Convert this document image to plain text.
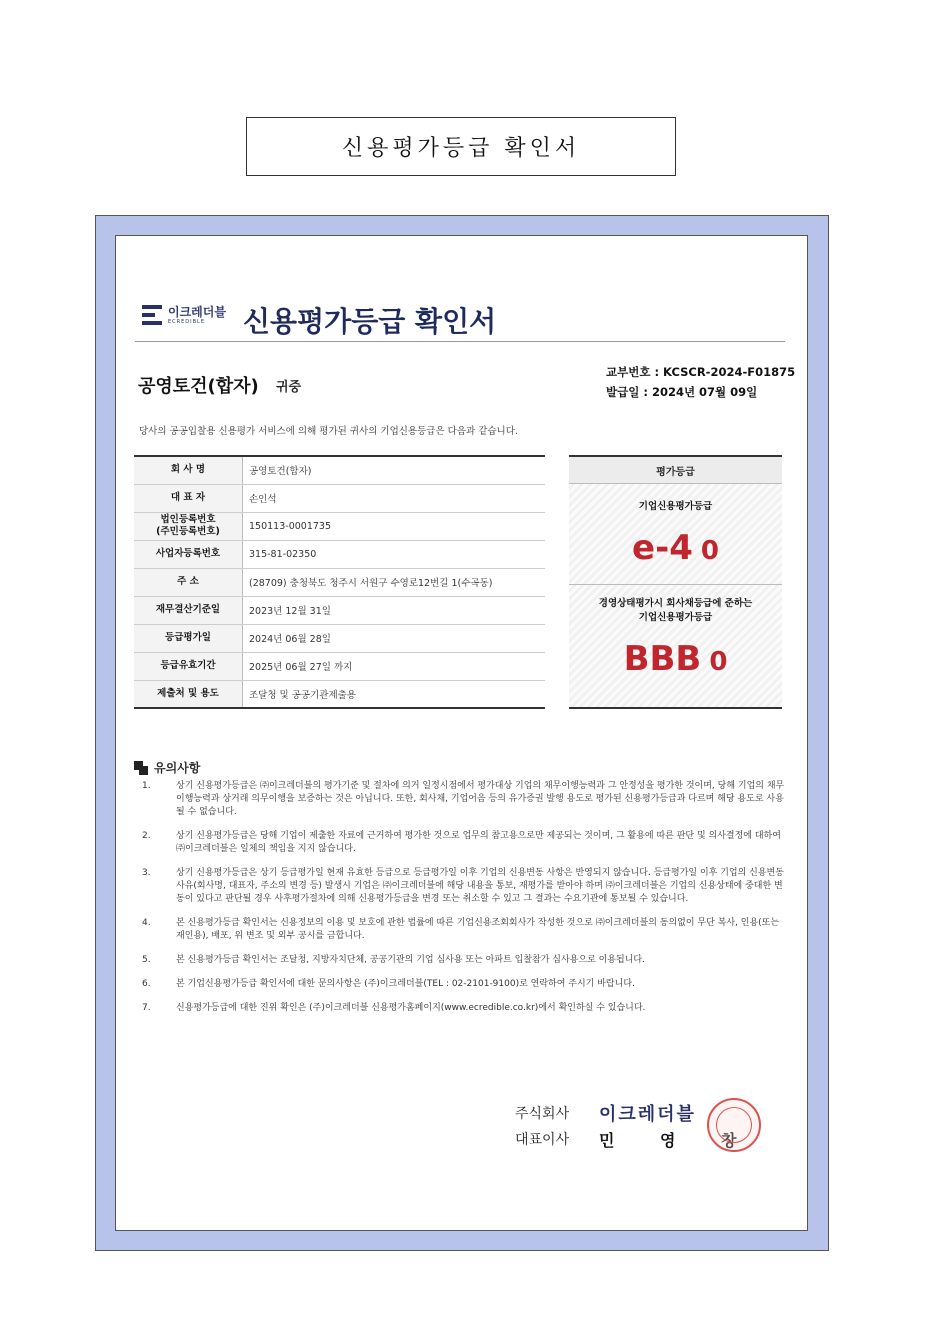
신용평가등급 확인서
이크레더블
ECREDIBLE	신용평가등급 확인서
공영토건(합자) 귀중
교부번호 : KCSCR-2024-F01875
발급일 : 2024년 07월 09일
당사의 공공입찰용 신용평가 서비스에 의해 평가된 귀사의 기업신용등급은 다음과 같습니다.
회 사 명	공영토건(합자)
대 표 자	손인석
법인등록번호
(주민등록번호)	150113-0001735
사업자등록번호	315-81-02350
주 소	(28709) 충청북도 청주시 서원구 수영로12번길 1(수곡동)
재무결산기준일	2023년 12월 31일
등급평가일	2024년 06월 28일
등급유효기간	2025년 06월 27일 까지
제출처 및 용도	조달청 및 공공기관제출용
평가등급
기업신용평가등급
e-4 0
경영상태평가시 회사채등급에 준하는
기업신용평가등급
BBB 0
유의사항
1.	상기 신용평가등급은 ㈜이크레더블의 평가기준 및 절차에 의거 일정시점에서 평가대상 기업의 채무이행능력과 그 안정성을 평가한 것이며, 당해 기업의 채무이행능력과 상거래 의무이행을 보증하는 것은 아닙니다. 또한, 회사채, 기업어음 등의 유가증권 발행 용도로 평가된 신용평가등급과 다르며 해당 용도로 사용될 수 없습니다.
2.	상기 신용평가등급은 당해 기업이 제출한 자료에 근거하여 평가한 것으로 업무의 참고용으로만 제공되는 것이며, 그 활용에 따른 판단 및 의사결정에 대하여 ㈜이크레더블은 일체의 책임을 지지 않습니다.
3.	상기 신용평가등급은 상기 등급평가일 현재 유효한 등급으로 등급평가일 이후 기업의 신용변동 사항은 반영되지 않습니다. 등급평가일 이후 기업의 신용변동 사유(회사명, 대표자, 주소의 변경 등) 발생시 기업은 ㈜이크레더블에 해당 내용을 통보, 재평가를 받아야 하며 ㈜이크레더블은 기업의 신용상태에 중대한 변동이 있다고 판단될 경우 사후평가절차에 의해 신용평가등급을 변경 또는 취소할 수 있고 그 결과는 수요기관에 통보될 수 있습니다.
4.	본 신용평가등급 확인서는 신용정보의 이용 및 보호에 관한 법률에 따른 기업신용조회회사가 작성한 것으로 ㈜이크레더블의 동의없이 무단 복사, 인용(또는 재인용), 배포, 위 변조 및 외부 공시를 금합니다.
5.	본 신용평가등급 확인서는 조달청, 지방자치단체, 공공기관의 기업 심사용 또는 아파트 입찰참가 심사용으로 이용됩니다.
6.	본 기업신용평가등급 확인서에 대한 문의사항은 (주)이크레더블(TEL : 02-2101-9100)로 연락하여 주시기 바랍니다.
7.	신용평가등급에 대한 진위 확인은 (주)이크레더블 신용평가홈페이지(www.ecredible.co.kr)에서 확인하실 수 있습니다.
주식회사	이크레더블
대표이사	민 영 창
